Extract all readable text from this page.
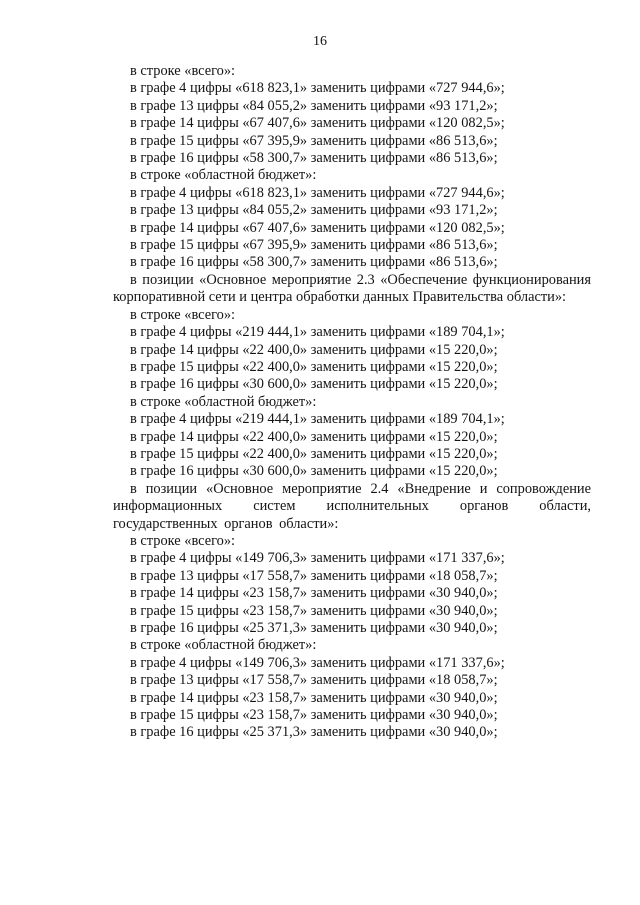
16
в строке «всего»:
в графе 4 цифры «618 823,1» заменить цифрами «727 944,6»;
в графе 13 цифры «84 055,2» заменить цифрами «93 171,2»;
в графе 14 цифры «67 407,6» заменить цифрами «120 082,5»;
в графе 15 цифры «67 395,9» заменить цифрами «86 513,6»;
в графе 16 цифры «58 300,7» заменить цифрами «86 513,6»;
в строке «областной бюджет»:
в графе 4 цифры «618 823,1» заменить цифрами «727 944,6»;
в графе 13 цифры «84 055,2» заменить цифрами «93 171,2»;
в графе 14 цифры «67 407,6» заменить цифрами «120 082,5»;
в графе 15 цифры «67 395,9» заменить цифрами «86 513,6»;
в графе 16 цифры «58 300,7» заменить цифрами «86 513,6»;
в позиции «Основное мероприятие 2.3 «Обеспечение функционирования корпоративной сети и центра обработки данных Правительства области»:
в строке «всего»:
в графе 4 цифры «219 444,1» заменить цифрами «189 704,1»;
в графе 14 цифры «22 400,0» заменить цифрами «15 220,0»;
в графе 15 цифры «22 400,0» заменить цифрами «15 220,0»;
в графе 16 цифры «30 600,0» заменить цифрами «15 220,0»;
в строке «областной бюджет»:
в графе 4 цифры «219 444,1» заменить цифрами «189 704,1»;
в графе 14 цифры «22 400,0» заменить цифрами «15 220,0»;
в графе 15 цифры «22 400,0» заменить цифрами «15 220,0»;
в графе 16 цифры «30 600,0» заменить цифрами «15 220,0»;
в позиции «Основное мероприятие 2.4 «Внедрение и сопровождение информационных систем исполнительных органов области, государственных органов области»:
в строке «всего»:
в графе 4 цифры «149 706,3» заменить цифрами «171 337,6»;
в графе 13 цифры «17 558,7» заменить цифрами «18 058,7»;
в графе 14 цифры «23 158,7» заменить цифрами «30 940,0»;
в графе 15 цифры «23 158,7» заменить цифрами «30 940,0»;
в графе 16 цифры «25 371,3» заменить цифрами «30 940,0»;
в строке «областной бюджет»:
в графе 4 цифры «149 706,3» заменить цифрами «171 337,6»;
в графе 13 цифры «17 558,7» заменить цифрами «18 058,7»;
в графе 14 цифры «23 158,7» заменить цифрами «30 940,0»;
в графе 15 цифры «23 158,7» заменить цифрами «30 940,0»;
в графе 16 цифры «25 371,3» заменить цифрами «30 940,0»;
